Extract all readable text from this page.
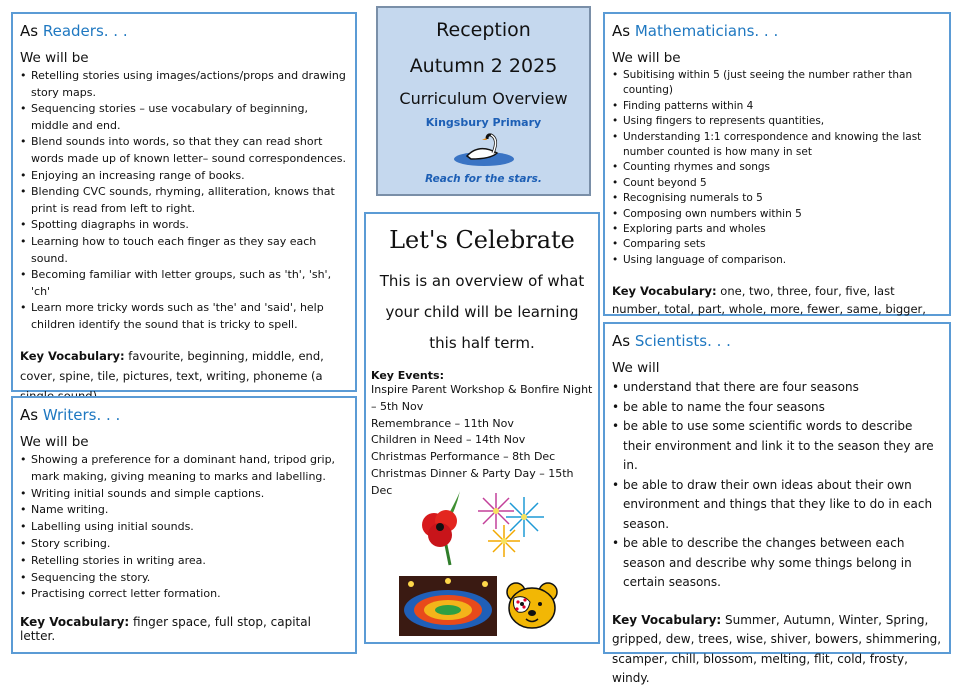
As Readers. . .
We will be
• Retelling stories using images/actions/props and drawing story maps.
• Sequencing stories – use vocabulary of beginning, middle and end.
• Blend sounds into words, so that they can read short words made up of known letter– sound correspondences.
• Enjoying an increasing range of books.
• Blending CVC sounds, rhyming, alliteration, knows that print is read from left to right.
• Spotting diagraphs in words.
• Learning how to touch each finger as they say each sound.
• Becoming familiar with letter groups, such as 'th', 'sh', 'ch'
• Learn more tricky words such as 'the' and 'said', help children identify the sound that is tricky to spell.
Key Vocabulary: favourite, beginning, middle, end, cover, spine, tile, pictures, text, writing, phoneme (a
As Writers. . .
We will be
• Showing a preference for a dominant hand, tripod grip, mark making, giving meaning to marks and labelling.
• Writing initial sounds and simple captions.
• Name writing.
• Labelling using initial sounds.
• Story scribing.
• Retelling stories in writing area.
• Sequencing the story.
• Practising correct letter formation.
Key Vocabulary: finger space, full stop, capital letter.
Reception
Autumn 2 2025
Curriculum Overview
Kingsbury Primary
Reach for the stars.
Let's Celebrate
This is an overview of what your child will be learning this half term.
Key Events:
Inspire Parent Workshop & Bonfire Night – 5th Nov
Remembrance – 11th Nov
Children in Need – 14th Nov
Christmas Performance – 8th Dec
Christmas Dinner & Party Day – 15th Dec
As Mathematicians. . .
We will be
• Subitising within 5 (just seeing the number rather than counting)
• Finding patterns within 4
• Using fingers to represents quantities,
• Understanding 1:1 correspondence and knowing the last number counted is how many in set
• Counting rhymes and songs
• Count beyond 5
• Recognising numerals to 5
• Composing own numbers within 5
• Exploring parts and wholes
• Comparing sets
• Using language of comparison.
Key Vocabulary: one, two, three, four, five, last number, total, part, whole, more, fewer, same, bigger,
As Scientists. . .
We will
• understand that there are four seasons
• be able to name the four seasons
• be able to use some scientific words to describe their environment and link it to the season they are in.
• be able to draw their own ideas about their own environment and things that they like to do in each season.
• be able to describe the changes between each season and describe why some things belong in certain seasons.
Key Vocabulary: Summer, Autumn, Winter, Spring, gripped, dew, trees, wise, shiver, bowers, shimmering, scamper, chill, blossom, melting, flit, cold, frosty, windy.
